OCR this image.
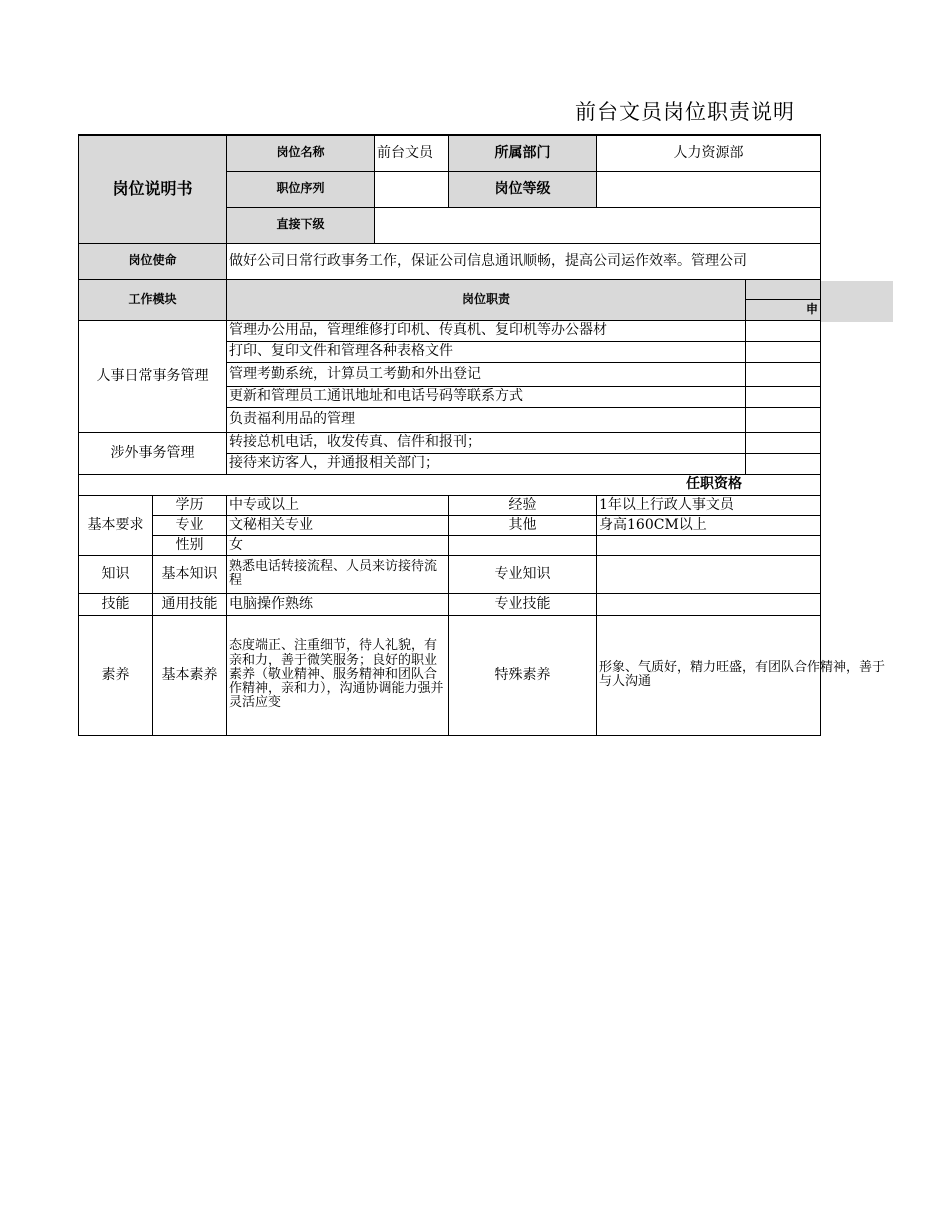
前台文员岗位职责说明
岗位说明书		岗位名称	前台文员	所属部门	人力资源部	
		职位序列		岗位等级		
		直接下级				
岗位使命		做好公司日常行政事务工作，保证公司信息通讯顺畅，提高公司运作效率。管理公司				
工作模块		岗位职责				
						申
人事日常事务管理		管理办公用品，管理维修打印机、传真机、复印机等办公器材				
		打印、复印文件和管理各种表格文件				
		管理考勤系统，计算员工考勤和外出登记				
		更新和管理员工通讯地址和电话号码等联系方式				
		负责福利用品的管理				
涉外事务管理		转接总机电话，收发传真、信件和报刊；				
		接待来访客人，并通报相关部门；				
任职资格						
基本要求	学历	中专或以上		经验	1年以上行政人事文员	
	专业	文秘相关专业		其他	身高160CM以上	
	性别	女				
知识	基本知识	熟悉电话转接流程、人员来访接待流程		专业知识		
技能	通用技能	电脑操作熟练		专业技能		
素养	基本素养	态度端正、注重细节，待人礼貌，有亲和力，善于微笑服务；良好的职业素养（敬业精神、服务精神和团队合作精神，亲和力），沟通协调能力强并灵活应变		特殊素养	形象、气质好，精力旺盛，有团队合作精神，善于与人沟通	
